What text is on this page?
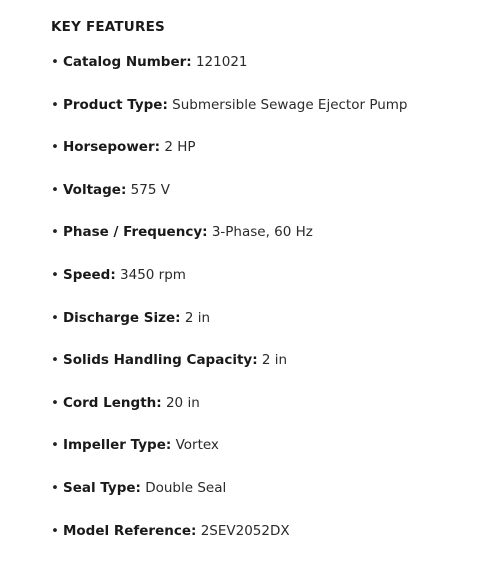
KEY FEATURES
• Catalog Number: 121021
• Product Type: Submersible Sewage Ejector Pump
• Horsepower: 2 HP
• Voltage: 575 V
• Phase / Frequency: 3-Phase, 60 Hz
• Speed: 3450 rpm
• Discharge Size: 2 in
• Solids Handling Capacity: 2 in
• Cord Length: 20 in
• Impeller Type: Vortex
• Seal Type: Double Seal
• Model Reference: 2SEV2052DX
